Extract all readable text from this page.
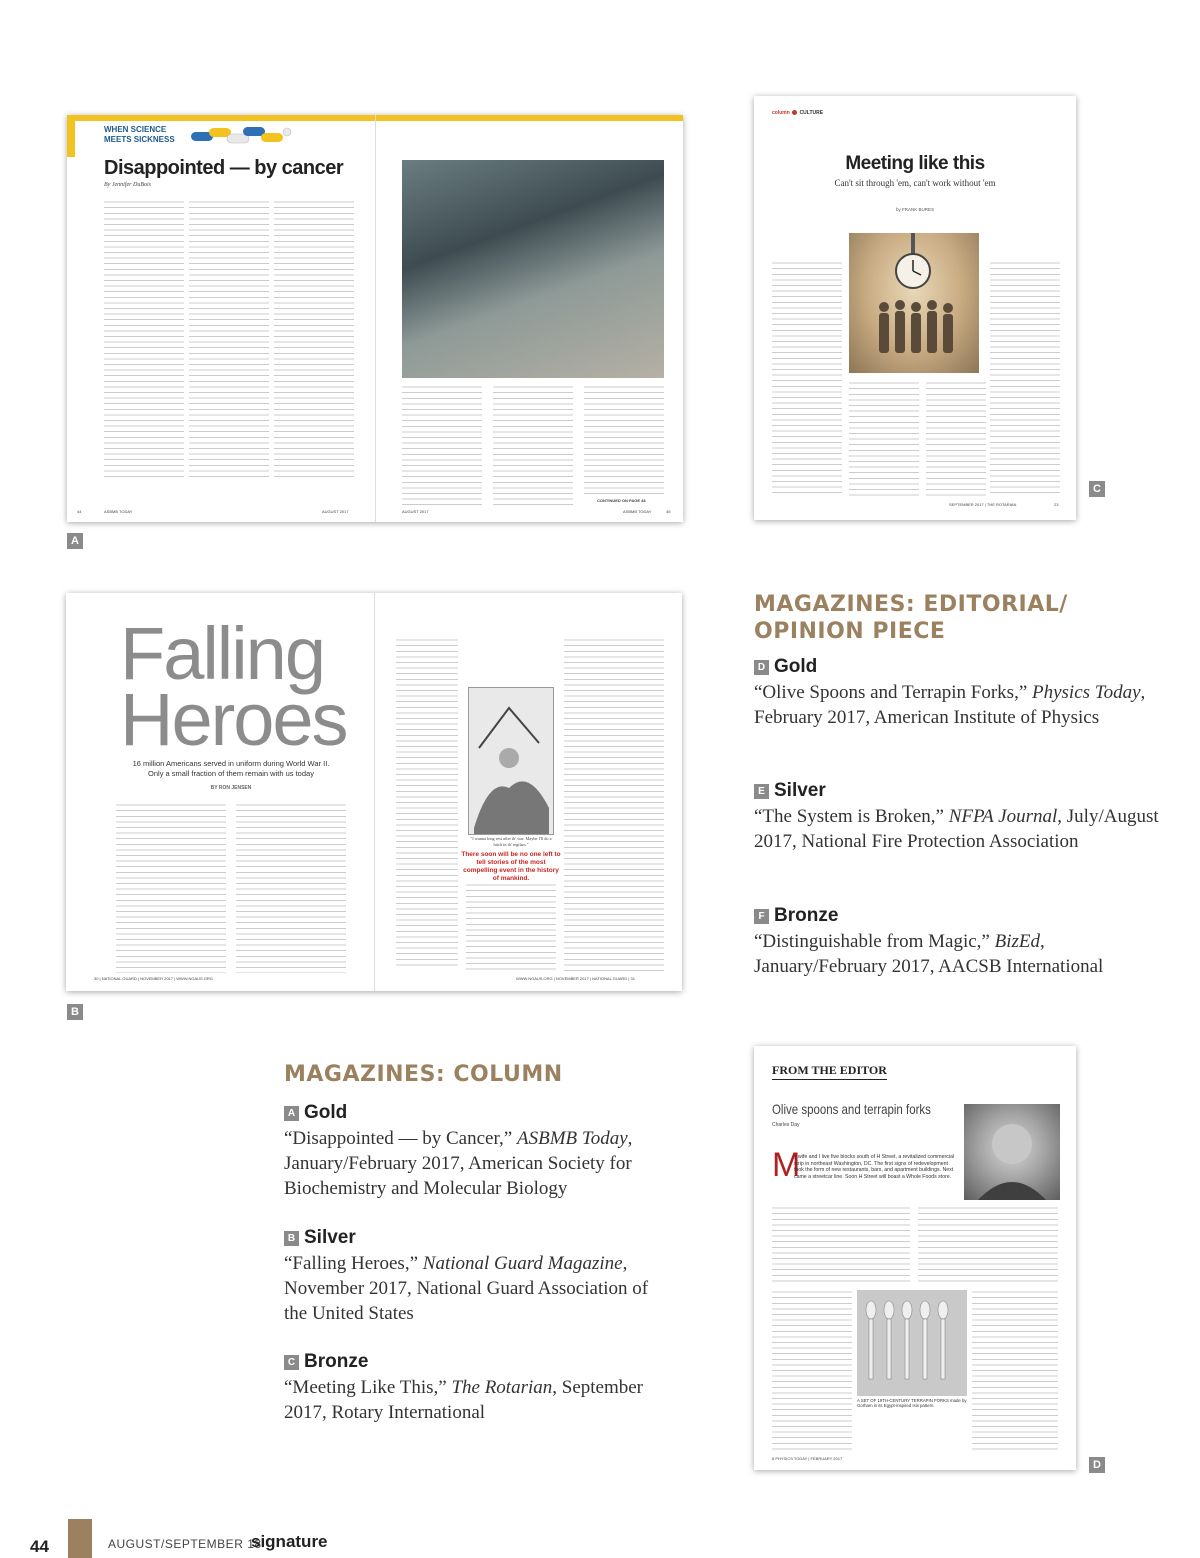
WHEN SCIENCE
MEETS SICKNESS
Disappointed — by cancer
By Jennifer DuBois
CONTINUED ON PAGE 48
44	ASBMB TODAY	AUGUST 2017	AUGUST 2017	ASBMB TODAY	45
A
column CULTURE
Meeting like this
Can't sit through 'em, can't work without 'em
by FRANK BURES
SEPTEMBER 2017 | THE ROTARIAN	23
C
Falling
Heroes
16 million Americans served in uniform during World War II.
Only a small fraction of them remain with us today
BY RON JENSEN
"I wanna long rest after th' war. Maybe I'll do a hitch in th' regilars."
There soon will be no one left to tell stories of the most compelling event in the history of mankind.
30 | NATIONAL GUARD | NOVEMBER 2017 | WWW.NGAUS.ORG	WWW.NGAUS.ORG | NOVEMBER 2017 | NATIONAL GUARD | 31
B
FROM THE EDITOR
Olive spoons and terrapin forks
Charles Day
M
y wife and I live five blocks south of H Street, a revitalized commercial strip in northeast Washington, DC. The first signs of redevelopment took the form of new restaurants, bars, and apartment buildings. Next came a streetcar line. Soon H Street will boast a Whole Foods store.
A SET OF 19TH-CENTURY TERRAPIN FORKS made by Gorham in its Egypt-inspired Isis pattern.
8 PHYSICS TODAY | FEBRUARY 2017
D
MAGAZINES: EDITORIAL/
OPINION PIECE
D Gold
“Olive Spoons and Terrapin Forks,” Physics Today, February 2017, American Institute of Physics
E Silver
“The System is Broken,” NFPA Journal, July/August 2017, National Fire Protection Association
F Bronze
“Distinguishable from Magic,” BizEd, January/February 2017, AACSB International
MAGAZINES: COLUMN
A Gold
“Disappointed — by Cancer,” ASBMB Today, January/February 2017, American Society for Biochemistry and Molecular Biology
B Silver
“Falling Heroes,” National Guard Magazine, November 2017, National Guard Association of the United States
C Bronze
“Meeting Like This,” The Rotarian, September 2017, Rotary International
44	AUGUST/SEPTEMBER 18
signature
